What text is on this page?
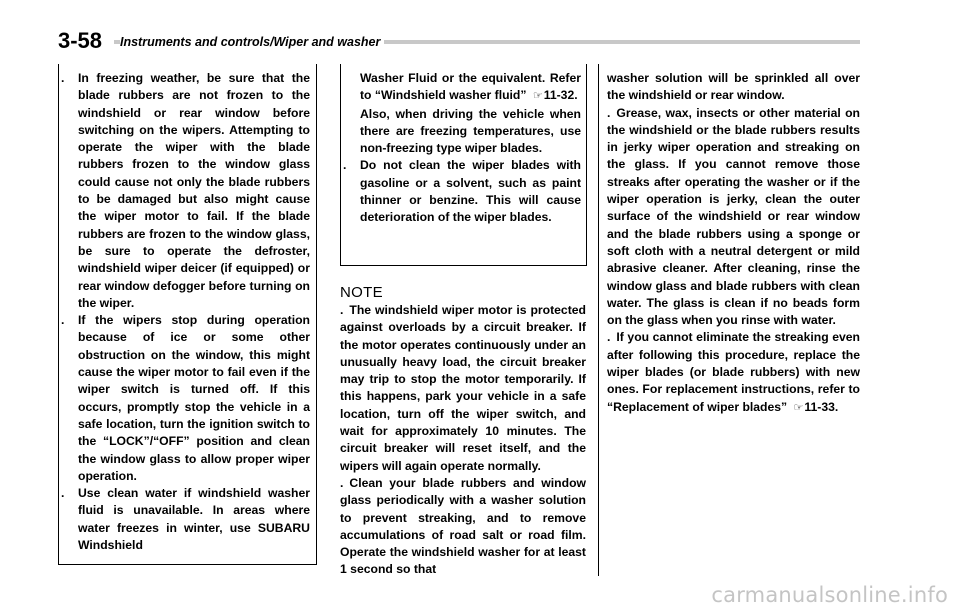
3-58 Instruments and controls/Wiper and washer

. In freezing weather, be sure that the blade rubbers are not frozen to the windshield or rear window before switching on the wipers. Attempting to operate the wiper with the blade rubbers frozen to the window glass could cause not only the blade rubbers to be damaged but also might cause the wiper motor to fail. If the blade rubbers are frozen to the window glass, be sure to operate the defroster, windshield wiper deicer (if equipped) or rear window defogger before turning on the wiper.

. If the wipers stop during operation because of ice or some other obstruction on the window, this might cause the wiper motor to fail even if the wiper switch is turned off. If this occurs, promptly stop the vehicle in a safe location, turn the ignition switch to the “LOCK”/“OFF” position and clean the window glass to allow proper wiper operation.

. Use clean water if windshield washer fluid is unavailable. In areas where water freezes in winter, use SUBARU Windshield

Washer Fluid or the equivalent. Refer to “Windshield washer fluid” ☞11-32.

Also, when driving the vehicle when there are freezing temperatures, use non-freezing type wiper blades.

. Do not clean the wiper blades with gasoline or a solvent, such as paint thinner or benzine. This will cause deterioration of the wiper blades.

NOTE

. The windshield wiper motor is protected against overloads by a circuit breaker. If the motor operates continuously under an unusually heavy load, the circuit breaker may trip to stop the motor temporarily. If this happens, park your vehicle in a safe location, turn off the wiper switch, and wait for approximately 10 minutes. The circuit breaker will reset itself, and the wipers will again operate normally.

. Clean your blade rubbers and window glass periodically with a washer solution to prevent streaking, and to remove accumulations of road salt or road film. Operate the windshield washer for at least 1 second so that

washer solution will be sprinkled all over the windshield or rear window.

. Grease, wax, insects or other material on the windshield or the blade rubbers results in jerky wiper operation and streaking on the glass. If you cannot remove those streaks after operating the washer or if the wiper operation is jerky, clean the outer surface of the windshield or rear window and the blade rubbers using a sponge or soft cloth with a neutral detergent or mild abrasive cleaner. After cleaning, rinse the window glass and blade rubbers with clean water. The glass is clean if no beads form on the glass when you rinse with water.

. If you cannot eliminate the streaking even after following this procedure, replace the wiper blades (or blade rubbers) with new ones. For replacement instructions, refer to “Replacement of wiper blades” ☞11-33.

carmanualsonline.info
